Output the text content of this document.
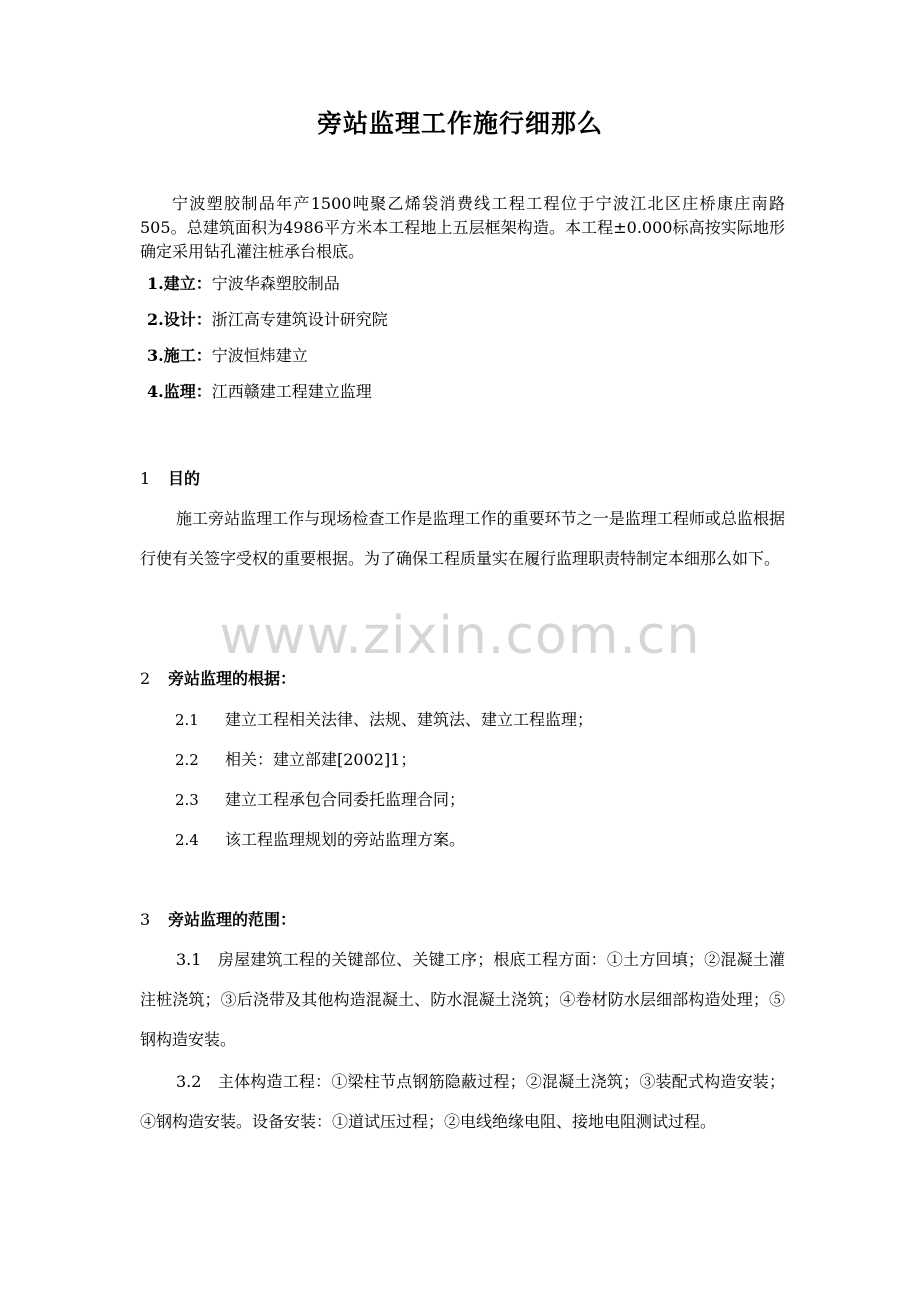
旁站监理工作施行细那么
宁波塑胶制品年产1500吨聚乙烯袋消费线工程工程位于宁波江北区庄桥康庄南路505。总建筑面积为4986平方米本工程地上五层框架构造。本工程±0.000标高按实际地形确定采用钻孔灌注桩承台根底。
1.建立：宁波华森塑胶制品
2.设计：浙江高专建筑设计研究院
3.施工：宁波恒炜建立
4.监理：江西赣建工程建立监理
1 目的
施工旁站监理工作与现场检查工作是监理工作的重要环节之一是监理工程师或总监根据行使有关签字受权的重要根据。为了确保工程质量实在履行监理职责特制定本细那么如下。
2 旁站监理的根据：
2.1 建立工程相关法律、法规、建筑法、建立工程监理；
2.2 相关：建立部建[2002]1；
2.3 建立工程承包合同委托监理合同；
2.4 该工程监理规划的旁站监理方案。
3 旁站监理的范围：
3.1　房屋建筑工程的关键部位、关键工序；根底工程方面：①土方回填；②混凝土灌注桩浇筑；③后浇带及其他构造混凝土、防水混凝土浇筑；④卷材防水层细部构造处理；⑤钢构造安装。
3.2　主体构造工程：①梁柱节点钢筋隐蔽过程；②混凝土浇筑；③装配式构造安装；④钢构造安装。设备安装：①道试压过程；②电线绝缘电阻、接地电阻测试过程。
www.zixin.com.cn
